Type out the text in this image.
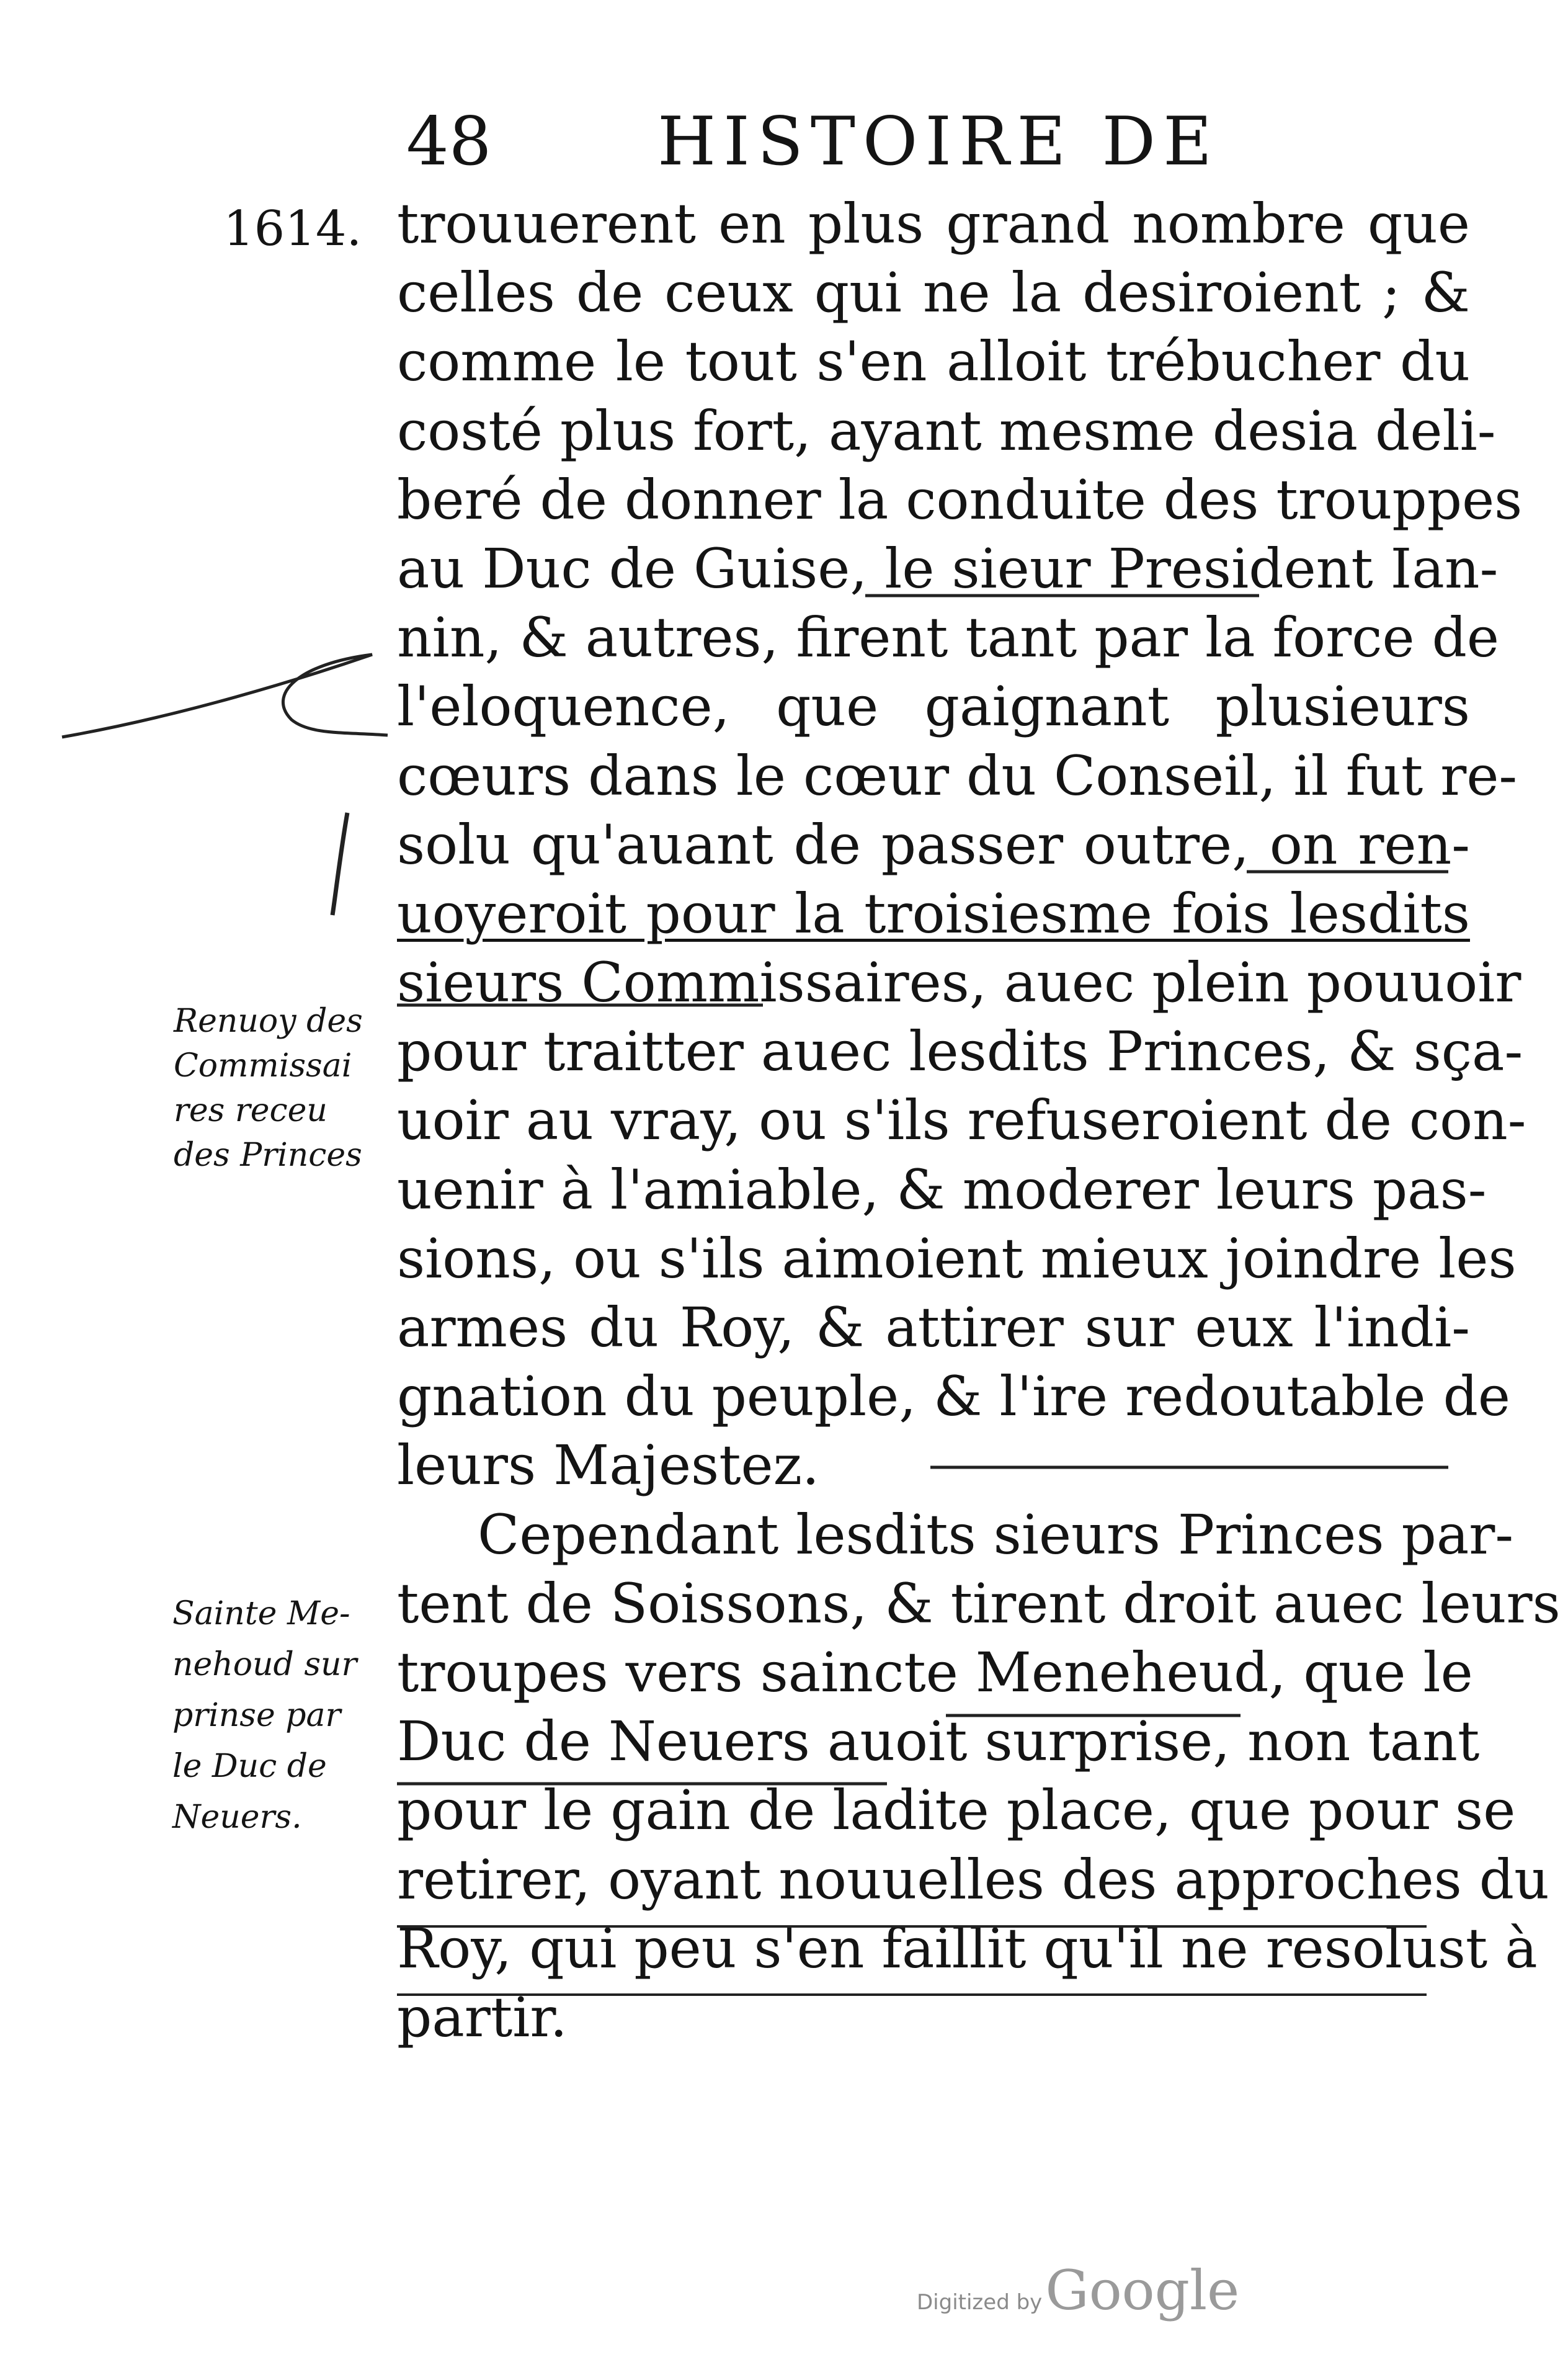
48 HISTOIRE DE
1614. trouuerent en plus grand nombre que
celles de ceux qui ne la desiroient ; &
comme le tout s'en alloit trébucher du
costé plus fort, ayant mesme desia deli-
beré de donner la conduite des trouppes
au Duc de Guise, le sieur President Ian-
nin, & autres, firent tant par la force de
l'eloquence, que gaignant plusieurs
cœurs dans le cœur du Conseil, il fut re-
solu qu'auant de passer outre, on ren-
uoyeroit pour la troisiesme fois lesdits
sieurs Commissaires, auec plein pouuoir
pour traitter auec lesdits Princes, & sça-
uoir au vray, ou s'ils refuseroient de con-
uenir à l'amiable, & moderer leurs pas-
sions, ou s'ils aimoient mieux joindre les
armes du Roy, & attirer sur eux l'indi-
gnation du peuple, & l'ire redoutable de
leurs Majestez.
Cependant lesdits sieurs Princes par-
tent de Soissons, & tirent droit auec leurs
troupes vers saincte Meneheud, que le
Duc de Neuers auoit surprise, non tant
pour le gain de ladite place, que pour se
retirer, oyant nouuelles des approches du
Roy, qui peu s'en faillit qu'il ne resolust à
partir.
Renuoy des
Commissai
res receu
des Princes
Sainte Me-
nehoud sur
prinse par
le Duc de
Neuers.
Digitized by Google
